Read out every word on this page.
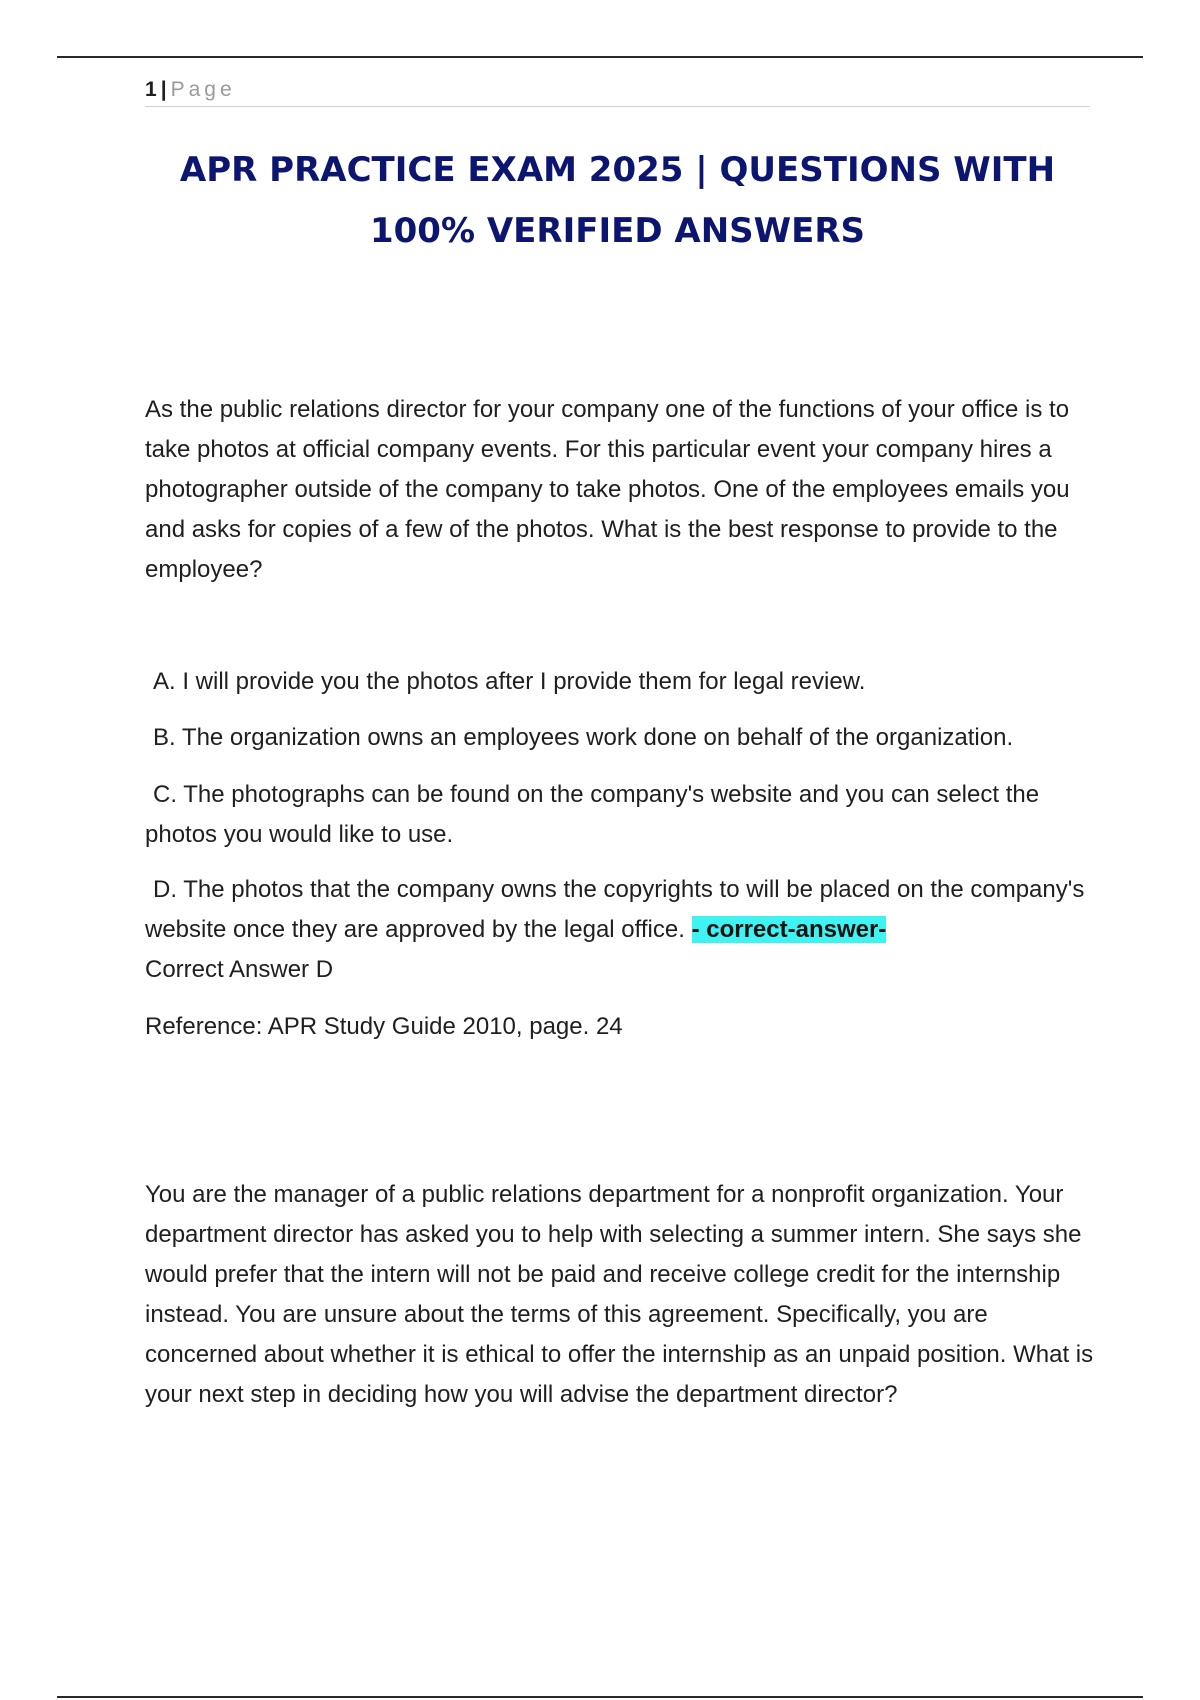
1 | Page
APR PRACTICE EXAM 2025 | QUESTIONS WITH
100% VERIFIED ANSWERS

As the public relations director for your company one of the functions of your office is to take photos at official company events. For this particular event your company hires a photographer outside of the company to take photos. One of the employees emails you and asks for copies of a few of the photos. What is the best response to provide to the employee?

A. I will provide you the photos after I provide them for legal review.

B. The organization owns an employees work done on behalf of the organization.

C. The photographs can be found on the company's website and you can select the photos you would like to use.

D. The photos that the company owns the copyrights to will be placed on the company's website once they are approved by the legal office. - correct-answer-
Correct Answer D

Reference: APR Study Guide 2010, page. 24

You are the manager of a public relations department for a nonprofit organization. Your department director has asked you to help with selecting a summer intern. She says she would prefer that the intern will not be paid and receive college credit for the internship instead. You are unsure about the terms of this agreement. Specifically, you are concerned about whether it is ethical to offer the internship as an unpaid position. What is your next step in deciding how you will advise the department director?
